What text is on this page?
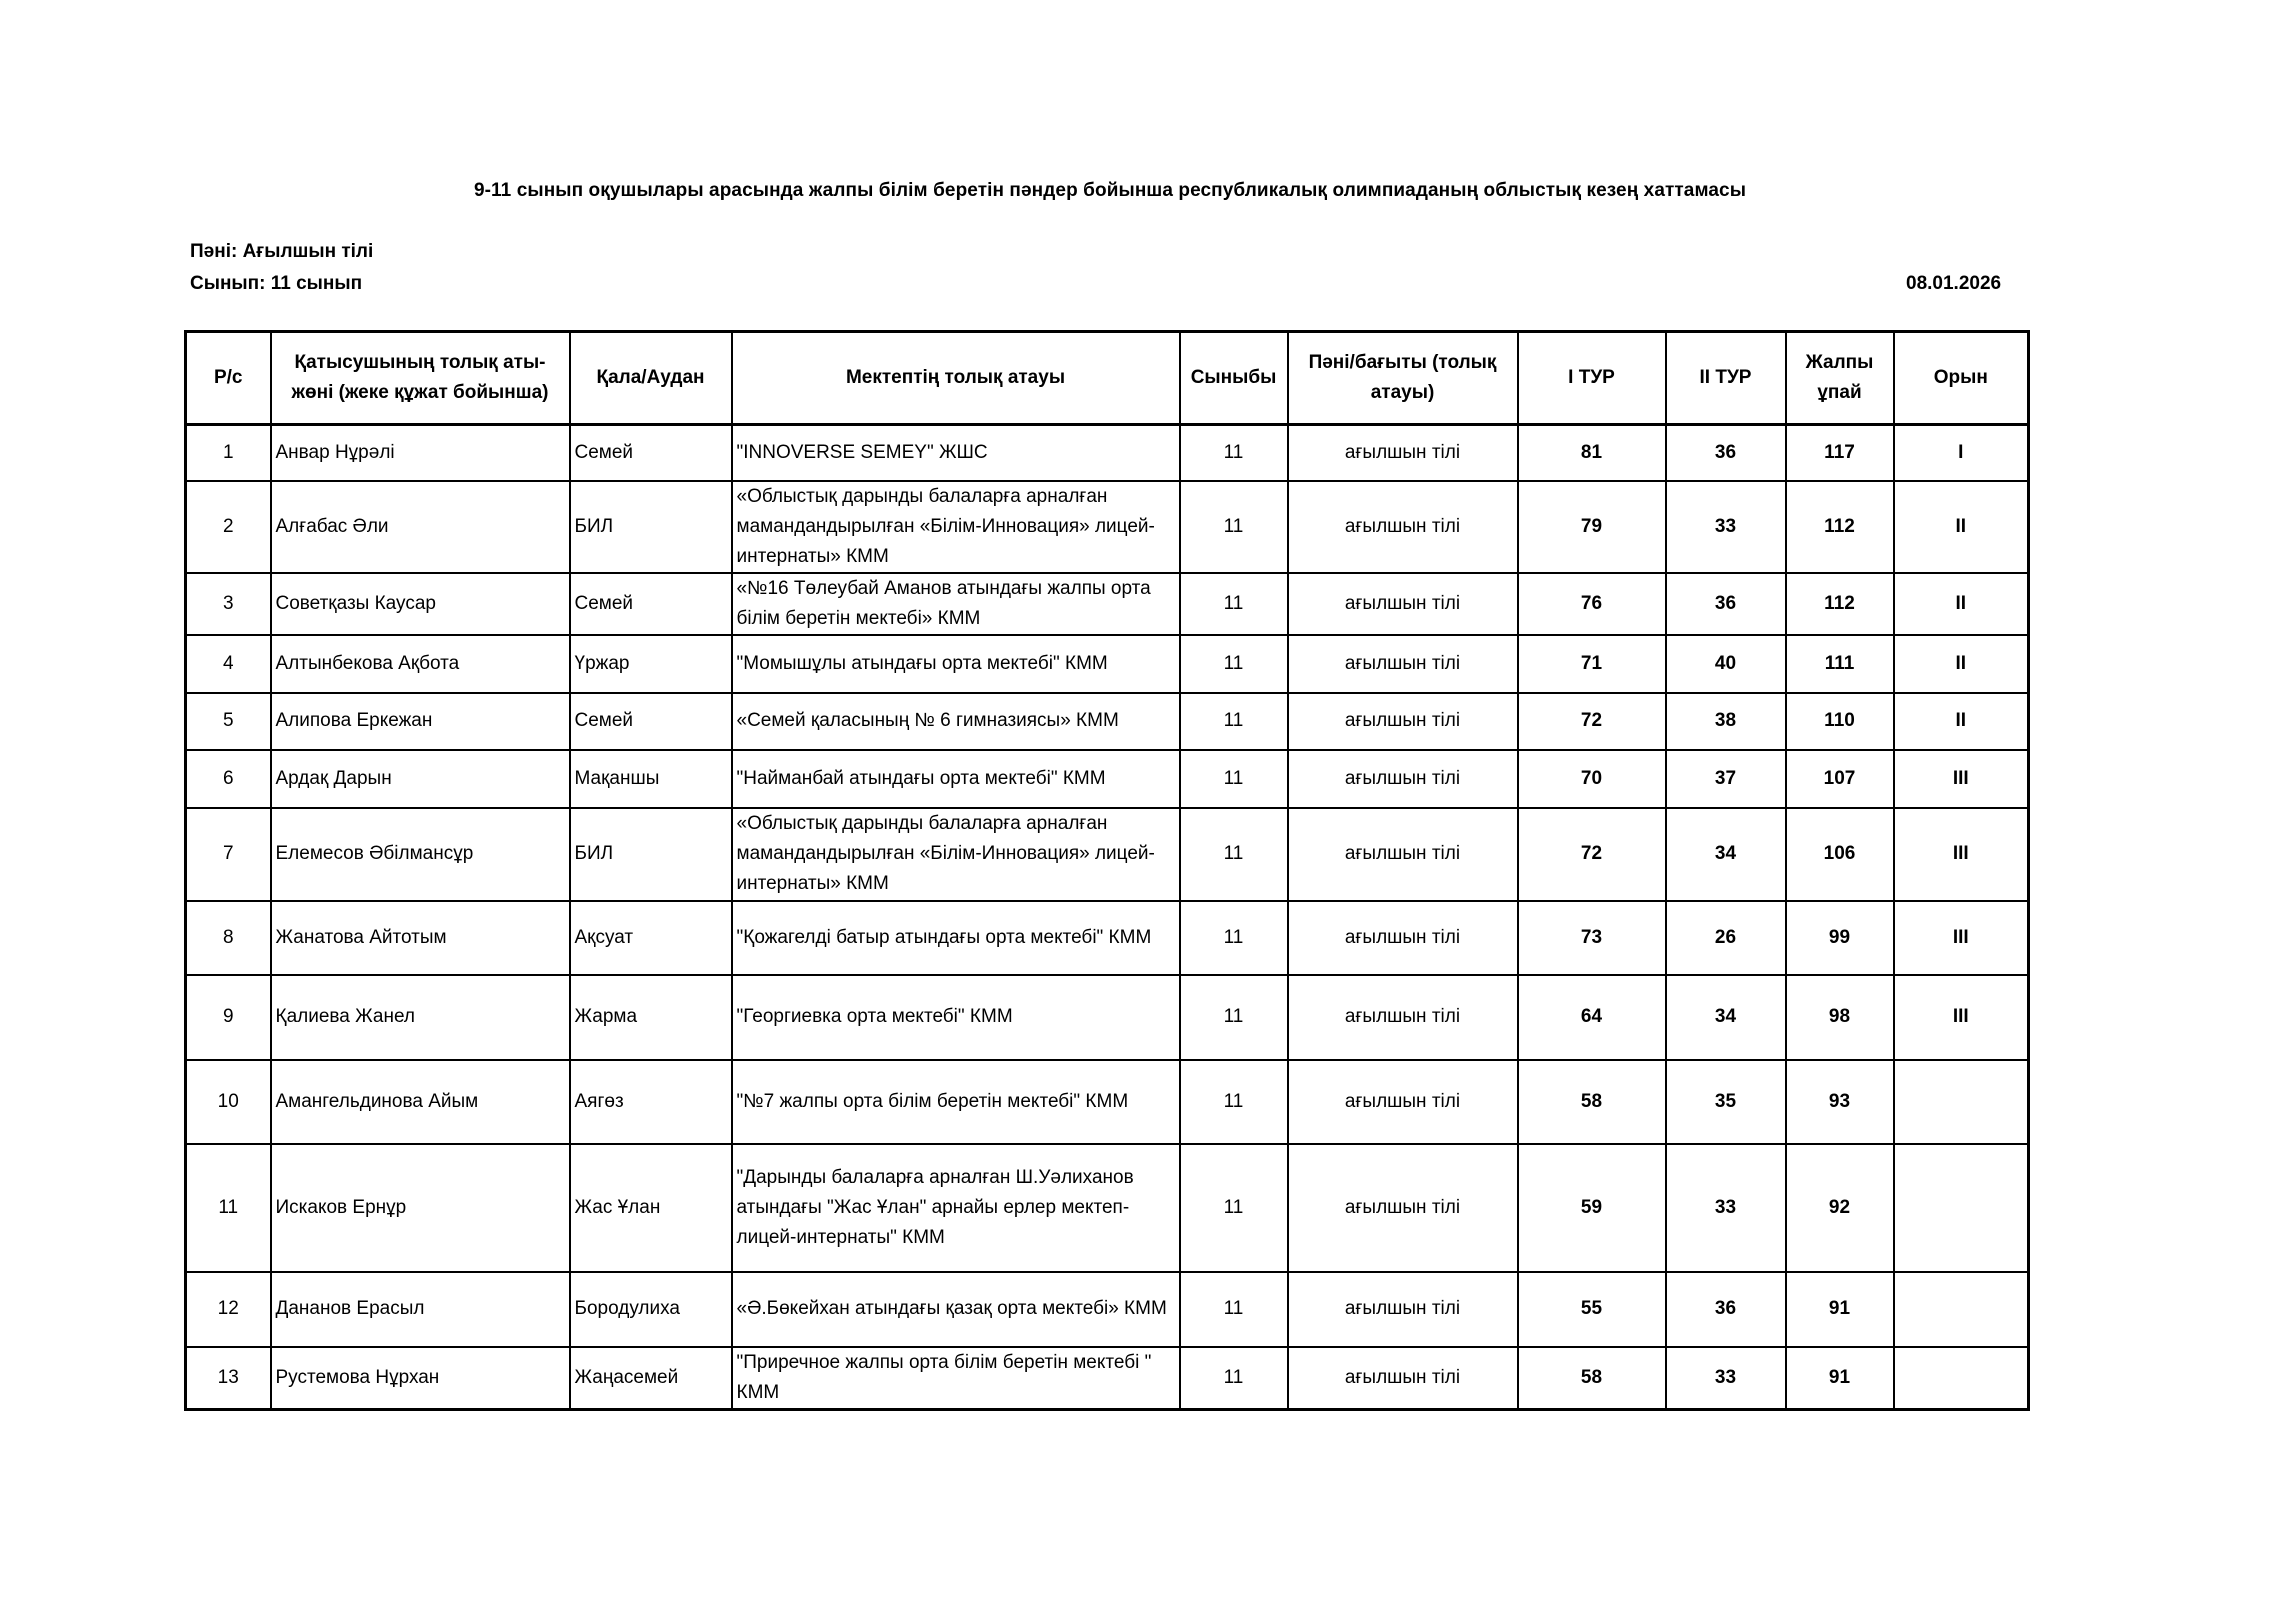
9-11 сынып оқушылары арасында жалпы білім беретін пәндер бойынша республикалық олимпиаданың облыстық кезең хаттамасы
Пәні: Ағылшын тілі
Сынып: 11 сынып	08.01.2026
Р/с	Қатысушының толық аты-жөні (жеке құжат бойынша)	Қала/Аудан	Мектептің толық атауы	Сыныбы	Пәні/бағыты (толық атауы)	I ТУР	II ТУР	Жалпы ұпай	Орын
1	Анвар Нұрәлі	Семей	"INNOVERSE SEMEY" ЖШС	11	ағылшын тілі	81	36	117	I
2	Алғабас Әли	БИЛ	«Облыстық дарынды балаларға арналған мамандандырылған «Білім-Инновация» лицей-интернаты» КММ	11	ағылшын тілі	79	33	112	II
3	Советқазы Каусар	Семей	«№16 Төлеубай Аманов атындағы жалпы орта білім беретін мектебі» КММ	11	ағылшын тілі	76	36	112	II
4	Алтынбекова Ақбота	Үржар	"Момышұлы атындағы орта мектебі" КММ	11	ағылшын тілі	71	40	111	II
5	Алипова Еркежан	Семей	«Семей қаласының № 6 гимназиясы» КММ	11	ағылшын тілі	72	38	110	II
6	Ардақ Дарын	Мақаншы	"Найманбай атындағы орта мектебі" КММ	11	ағылшын тілі	70	37	107	III
7	Елемесов Әбілмансұр	БИЛ	«Облыстық дарынды балаларға арналған мамандандырылған «Білім-Инновация» лицей-интернаты» КММ	11	ағылшын тілі	72	34	106	III
8	Жанатова Айтотым	Ақсуат	"Қожагелді батыр атындағы орта мектебі" КММ	11	ағылшын тілі	73	26	99	III
9	Қалиева Жанел	Жарма	"Георгиевка орта мектебі" КММ	11	ағылшын тілі	64	34	98	III
10	Амангельдинова Айым	Аягөз	"№7 жалпы орта білім беретін мектебі" КММ	11	ағылшын тілі	58	35	93	
11	Искаков Ернұр	Жас Ұлан	"Дарынды балаларға арналған Ш.Уәлиханов атындағы "Жас Ұлан" арнайы ерлер мектеп- лицей-интернаты" КММ	11	ағылшын тілі	59	33	92	
12	Дананов Ерасыл	Бородулиха	«Ә.Бөкейхан атындағы қазақ орта мектебі» КММ	11	ағылшын тілі	55	36	91	
13	Рустемова Нұрхан	Жаңасемей	"Приречное жалпы орта білім беретін мектебі " КММ	11	ағылшын тілі	58	33	91	
